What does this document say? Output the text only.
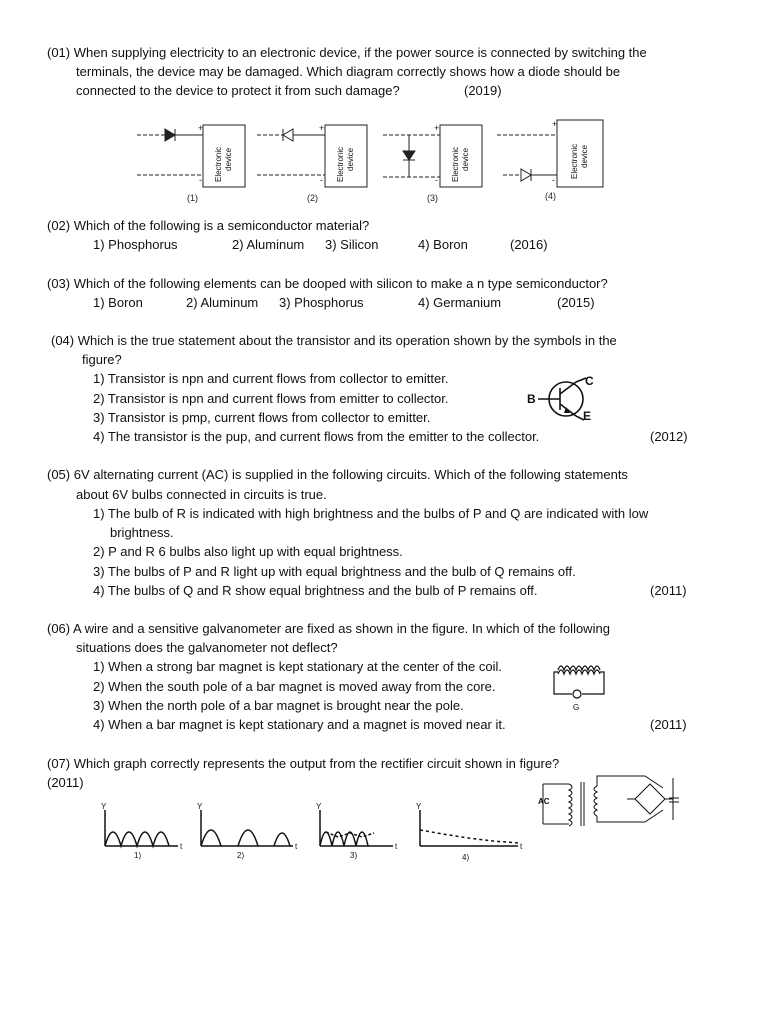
(01) When supplying electricity to an electronic device, if the power source is connected by switching the
terminals, the device may be damaged. Which diagram correctly shows how a diode should be
connected to the device to protect it from such damage?	(2019)
+
-
+
-
+
-
+
-
Electronic device	Electronic device	Electronic device	Electronic device
(1)	(2)	(3)	(4)
(02) Which of the following is a semiconductor material?
1) Phosphorus	2) Aluminum 3) Silicon	4) Boron	(2016)
(03) Which of the following elements can be dooped with silicon to make a n type semiconductor?
1) Boron	2) Aluminum 3) Phosphorus	4) Germanium	(2015)
(04) Which is the true statement about the transistor and its operation shown by the symbols in the
figure?
1) Transistor is npn and current flows from collector to emitter.
2) Transistor is npn and current flows from emitter to collector.
3) Transistor is pmp, current flows from collector to emitter.
4) The transistor is the pup, and current flows from the emitter to the collector.	(2012)
B
C
E
(05) 6V alternating current (AC) is supplied in the following circuits. Which of the following statements
about 6V bulbs connected in circuits is true.
1) The bulb of R is indicated with high brightness and the bulbs of P and Q are indicated with low
brightness.
2) P and R 6 bulbs also light up with equal brightness.
3) The bulbs of P and R light up with equal brightness and the bulb of Q remains off.
4) The bulbs of Q and R show equal brightness and the bulb of P remains off.	(2011)
(06) A wire and a sensitive galvanometer are fixed as shown in the figure. In which of the following
situations does the galvanometer not deflect?
1) When a strong bar magnet is kept stationary at the center of the coil.
2) When the south pole of a bar magnet is moved away from the core.
3) When the north pole of a bar magnet is brought near the pole.
4) When a bar magnet is kept stationary and a magnet is moved near it.	(2011)
G
(07) Which graph correctly represents the output from the rectifier circuit shown in figure?
(2011)
Y
t
1)
Y
t
2)
Y
t
3)
Y
t
4)
AC
